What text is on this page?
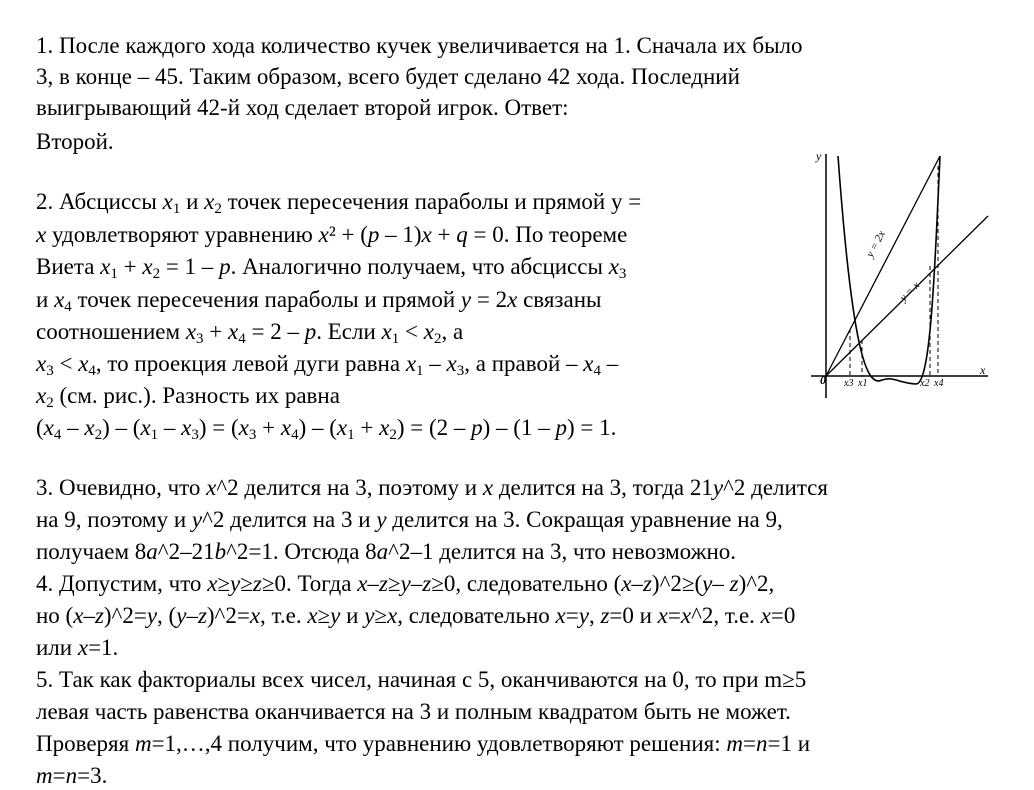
1. После каждого хода количество кучек увеличивается на 1. Сначала их было
3, в конце – 45. Таким образом, всего будет сделано 42 хода. Последний
выигрывающий 42-й ход сделает второй игрок. Ответ:
Второй.
2. Абсциссы $x_1$ и $x_2$ точек пересечения параболы и прямой y =
x удовлетворяют уравнению x² + (p – 1)x + q = 0. По теореме
Виета $x_1 + x_2 = 1 - p$. Аналогично получаем, что абсциссы $x_3$
и $x_4$ точек пересечения параболы и прямой y = 2x связаны
соотношением $x_3 + x_4 = 2 - p$. Если $x_1 < x_2$, а
$x_3 < x_4$, то проекция левой дуги равна $x_1 - x_3$, а правой – $x_4$ –
$x_2$ (см. рис.). Разность их равна
$(x_4 - x_2) - (x_1 - x_3) = (x_3 + x_4) - (x_1 + x_2) = (2 - p) - (1 - p) = 1$.
3. Очевидно, что x^2 делится на 3, поэтому и x делится на 3, тогда 21y^2 делится
на 9, поэтому и y^2 делится на 3 и y делится на 3. Сокращая уравнение на 9,
получаем 8a^2–21b^2=1. Отсюда 8a^2–1 делится на 3, что невозможно.
4. Допустим, что x≥y≥z≥0. Тогда x–z≥y–z≥0, следовательно (x–z)^2≥(y– z)^2,
но (x–z)^2=y, (y–z)^2=x, т.е. x≥y и y≥x, следовательно x=y, z=0 и x=x^2, т.е. x=0
или x=1.
5. Так как факториалы всех чисел, начиная с 5, оканчиваются на 0, то при m≥5
левая часть равенства оканчивается на 3 и полным квадратом быть не может.
Проверяя m=1,…,4 получим, что уравнению удовлетворяют решения: m=n=1 и
m=n=3.
y
x
0
y = 2x
y = x
x3 x1	x2 x4
